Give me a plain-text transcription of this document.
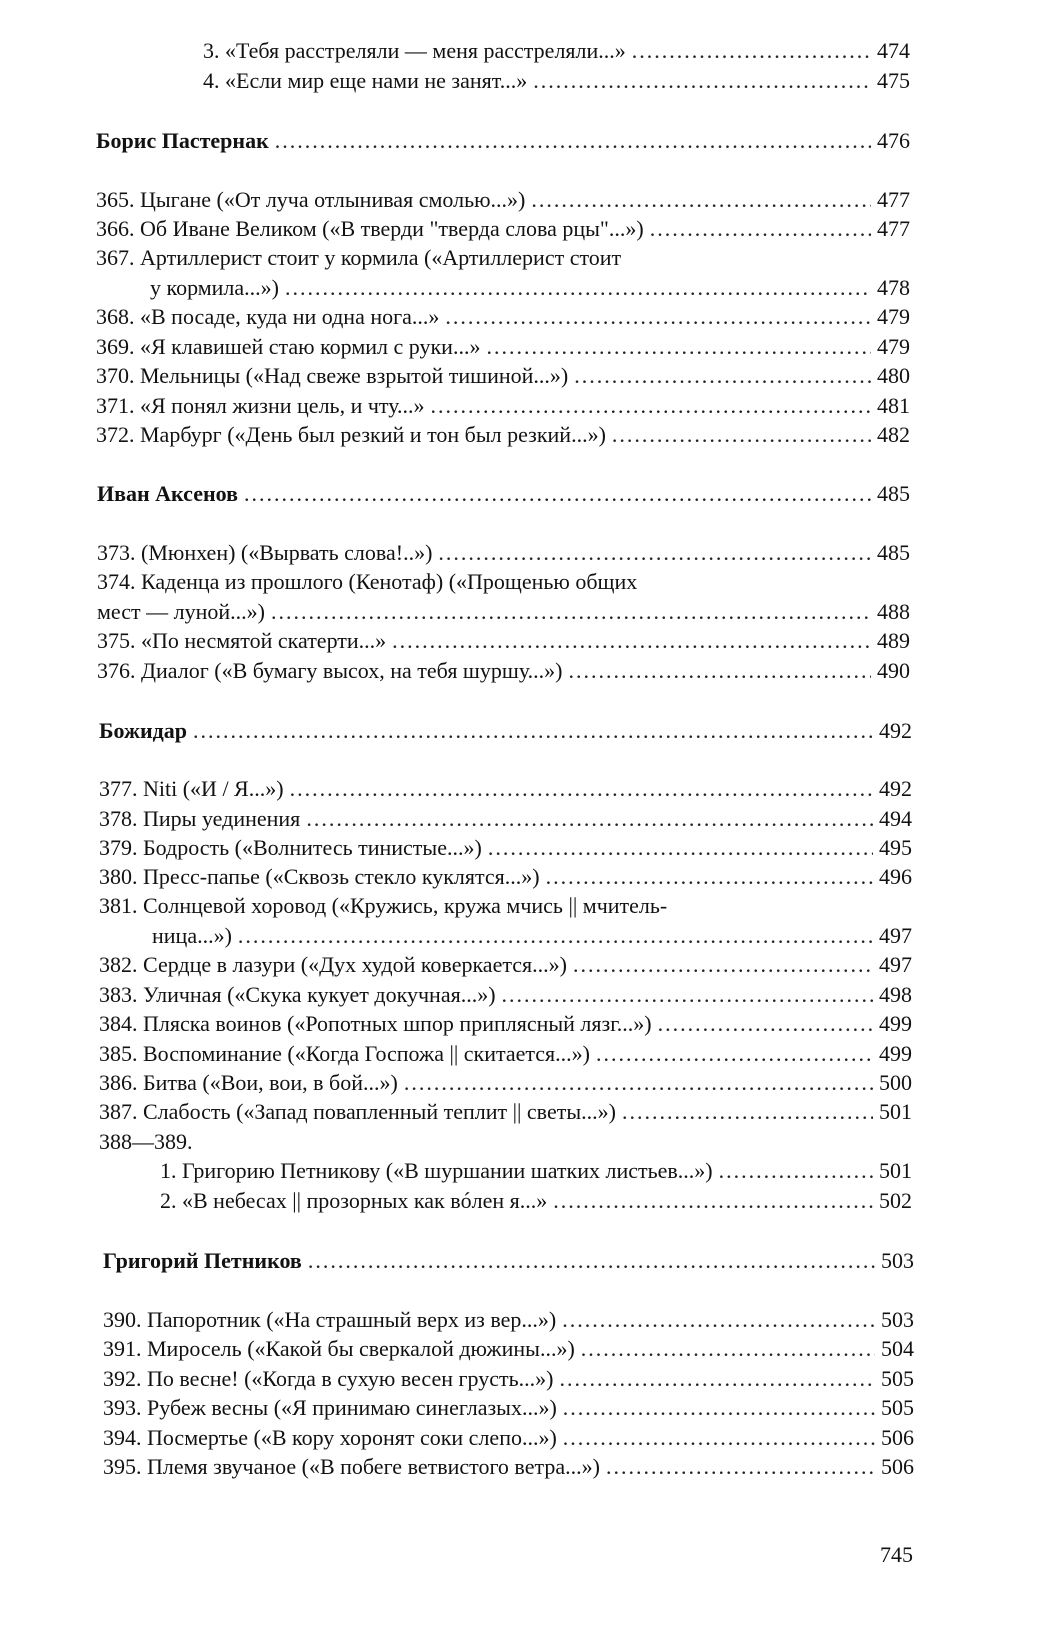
3. «Тебя расстреляли — меня расстреляли...» .....	474
4. «Если мир еще нами не занят...» .....	475
Борис Пастернак .....	476
365. Цыгане («От луча отлынивая смолью...») .....	477
366. Об Иване Великом («В тверди "тверда слова рцы"...») .....	477
367. Артиллерист стоит у кормила («Артиллерист стоит
у кормила...») .....	478
368. «В посаде, куда ни одна нога...» .....	479
369. «Я клавишей стаю кормил с руки...» .....	479
370. Мельницы («Над свеже взрытой тишиной...») .....	480
371. «Я понял жизни цель, и чту...» .....	481
372. Марбург («День был резкий и тон был резкий...») .....	482
Иван Аксенов .....	485
373. (Мюнхен) («Вырвать слова!..») .....	485
374. Каденца из прошлого (Кенотаф) («Прощенью общих
мест — луной...») .....	488
375. «По несмятой скатерти...» .....	489
376. Диалог («В бумагу высох, на тебя шуршу...») .....	490
Божидар .....	492
377. Niti («И / Я...») .....	492
378. Пиры уединения .....	494
379. Бодрость («Волнитесь тинистые...») .....	495
380. Пресс-папье («Сквозь стекло куклятся...») .....	496
381. Солнцевой хоровод («Кружись, кружа мчись || мчитель-
ница...») .....	497
382. Сердце в лазури («Дух худой коверкается...») .....	497
383. Уличная («Скука кукует докучная...») .....	498
384. Пляска воинов («Ропотных шпор приплясный лязг...») .....	499
385. Воспоминание («Когда Госпожа || скитается...») .....	499
386. Битва («Вои, вои, в бой...») .....	500
387. Слабость («Запад повапленный теплит || светы...») .....	501
388—389.
1. Григорию Петникову («В шуршании шатких листьев...») .....	501
2. «В небесах || прозорных как вóлен я...» .....	502
Григорий Петников .....	503
390. Папоротник («На страшный верх из вер...») .....	503
391. Миросель («Какой бы сверкалой дюжины...») .....	504
392. По весне! («Когда в сухую весен грусть...») .....	505
393. Рубеж весны («Я принимаю синеглазых...») .....	505
394. Посмертье («В кору хоронят соки слепо...») .....	506
395. Племя звучаное («В побеге ветвистого ветра...») .....	506
745
